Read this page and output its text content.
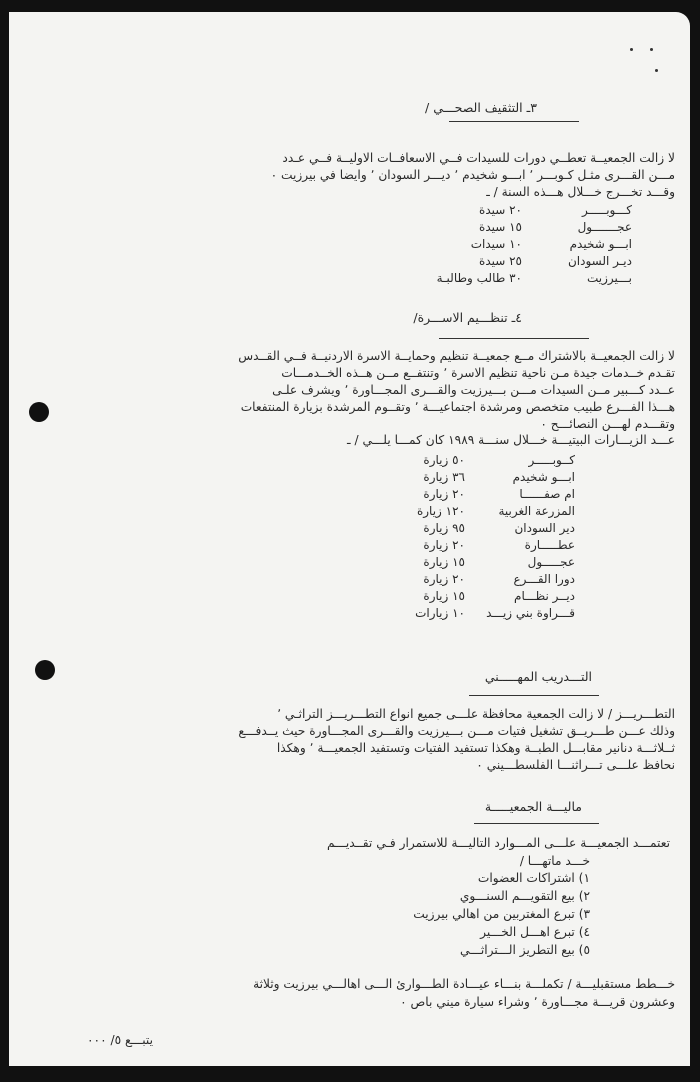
٣ـ التثقيف الصحـــي /
لا زالت الجمعيــة تعطــي دورات للسيدات فــي الاسعافــات الاوليــة فــي عـدد
مـــن القـــرى مثـل كـوبـــر ٬ ابـــو شخيدم ٬ ديـــر السودان ٬ وايضا في بيرزيت ٠
وقـــد تخـــرج خـــلال هـــذه السنة / ـ
كـــوبـــــر٢٠ سيدة
عجـــــــول١٥ سيدة
ابـــو شخيدم١٠ سيدات
ديـر السودان٢٥ سيدة
بـــيرزيت٣٠ طالب وطالبـة
٤ـ تنظـــيم الاســـرة/
لا زالت الجمعيــة بالاشتراك مــع جمعيــة تنظيم وحمايــة الاسرة الاردنيــة فــي القــدس
تقـدم خــدمات جيدة مـن ناحية تنظيم الاسرة ٬ وتنتفــع مــن هــذه الخــدمـــات
عــدد كـــبير مــن السيدات مـــن بـــيرزيت والقـــرى المجـــاورة ٬ ويشرف علـى
هـــذا الفـــرع طبيب متخصص ومرشدة اجتماعيـــة ٬ وتقــوم المرشدة بزيارة المنتفعات
وتقـــدم لهـــن النصائـــح ٠
عـــد الزيـــارات البيتيـــة خـــلال سنـــة ١٩٨٩ كان كمـــا يلـــي / ـ
كــوبـــــر٥٠ زيارة
ابـــو شخيدم٣٦ زيارة
ام صفــــــا٢٠ زيارة
المزرعة الغربية١٢٠ زيارة
دير السودان٩٥ زيارة
عطـــــارة٢٠ زيارة
عجـــــول١٥ زيارة
دورا القـــرع٢٠ زيارة
ديــر نظـــام١٥ زيارة
قـــراوة بني زيـــد١٠ زيارات
التـــدريب المهـــــني
التطـــريـــز / لا زالت الجمعية محافظة علـــى جميع انواع التطـــريـــز التراثـي ٬
وذلك عـــن طـــريــق تشغيل فتيات مـــن بـــيرزيت والقـــرى المجـــاورة حيث يــدفـــع
ثــلاثـــة دنانير مقابـــل الطبــة وهكذا تستفيد الفتيات وتستفيد الجمعيـــة ٬ وهكذا
نحافظ علـــى تـــراثنـــا الفلسطـــيني ٠
ماليـــة الجمعيـــــة
تعتمـــد الجمعيـــة علـــى المـــوارد التاليـــة للاستمرار فـي تقــديـــم
خـــد ماتهـــا /
١) اشتراكات العضوات
٢) بيع التقويـــم السنـــوي
٣) تبرع المغتربين من اهالي بيرزيت
٤) تبرع اهـــل الخـــير
٥) بيع التطريز الـــتراثـــي
خـــطط مستقبليـــة / تكملـــة بنـــاء عيـــادة الطـــوارئ الـــى اهالـــي بيرزيت وثلاثة
وعشرون قريـــة مجـــاورة ٬ وشراء سيارة ميني باص ٠
يتبـــع ٥/ ٠٠٠
